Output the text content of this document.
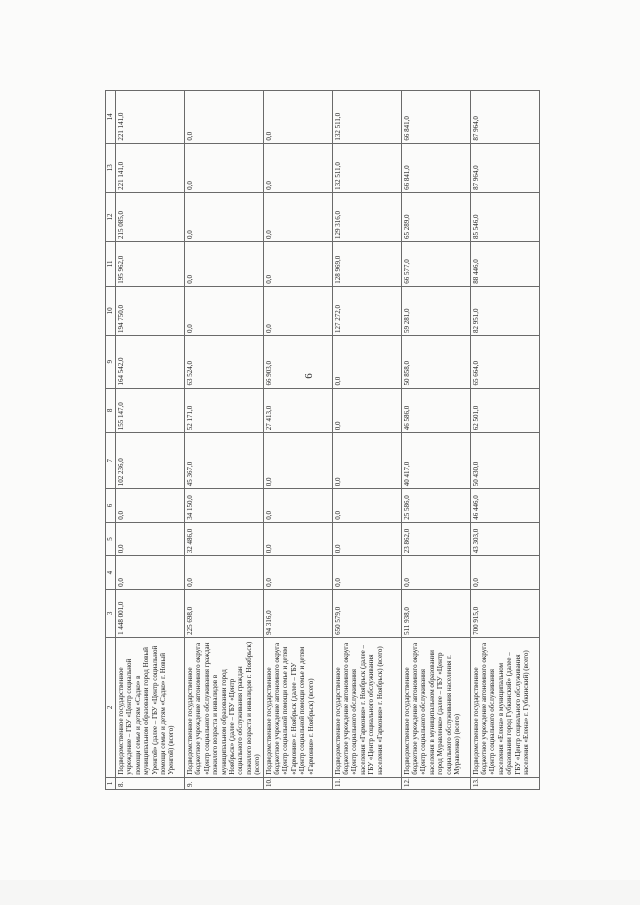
6
1	2	3	4	5	6	7	8	9	10	11	12	13	14
8.	Подведомственное государственное учреждение – ГБУ «Центр социальной помощи семье и детям «Садко» в муниципальном образовании город Новый Уренгой» (далее – ГБУ «Центр социальной помощи семье и детям «Садко» г. Новый Уренгой) (всего)	1 448 001,0	0,0	0,0	0,0	102 236,0	155 147,0	164 542,0	194 750,0	195 962,0	215 085,0	221 141,0	221 141,0
9.	Подведомственное государственное бюджетное учреждение автономного округа «Центр социального обслуживания граждан пожилого возраста и инвалидов в муниципальном образовании город Ноябрьск» (далее – ГБУ «Центр социального обслуживания граждан пожилого возраста и инвалидов г. Ноябрьск) (всего)	225 698,0	0,0	32 486,0	34 150,0	45 367,0	52 171,0	63 524,0	0,0	0,0	0,0	0,0	0,0
10.	Подведомственное государственное бюджетное учреждение автономного округа «Центр социальной помощи семье и детям «Гармония» г. Ноябрьск (далее – ГБУ «Центр социальной помощи семье и детям «Гармония» г. Ноябрьск) (всего)	94 316,0	0,0	0,0	0,0	0,0	27 413,0	66 903,0	0,0	0,0	0,0	0,0	0,0
11.	Подведомственное государственное бюджетное учреждение автономного округа «Центр социального обслуживания населения «Гармония» г. Ноябрьск (далее – ГБУ «Центр социального обслуживания населения «Гармония» г. Ноябрьск) (всего)	650 579,0	0,0	0,0	0,0	0,0	0,0	0,0	127 272,0	128 969,0	129 316,0	132 511,0	132 511,0
12.	Подведомственное государственное бюджетное учреждение автономного округа «Центр социального обслуживания населения в муниципальном образовании город Муравленко» (далее – ГБУ «Центр социального обслуживания населения г. Муравленко) (всего)	511 938,0	0,0	23 862,0	25 586,0	40 417,0	46 586,0	50 858,0	59 281,0	66 577,0	65 289,0	66 841,0	66 841,0
13.	Подведомственное государственное бюджетное учреждение автономного округа «Центр социального обслуживания населения «Елена» в муниципальном образовании город Губкинский» (далее – ГБУ «Центр социального обслуживания населения «Елена» г. Губкинский) (всего)	700 915,0	0,0	43 303,0	46 446,0	50 430,0	62 501,0	65 664,0	82 951,0	88 446,0	85 546,0	87 964,0	87 964,0
